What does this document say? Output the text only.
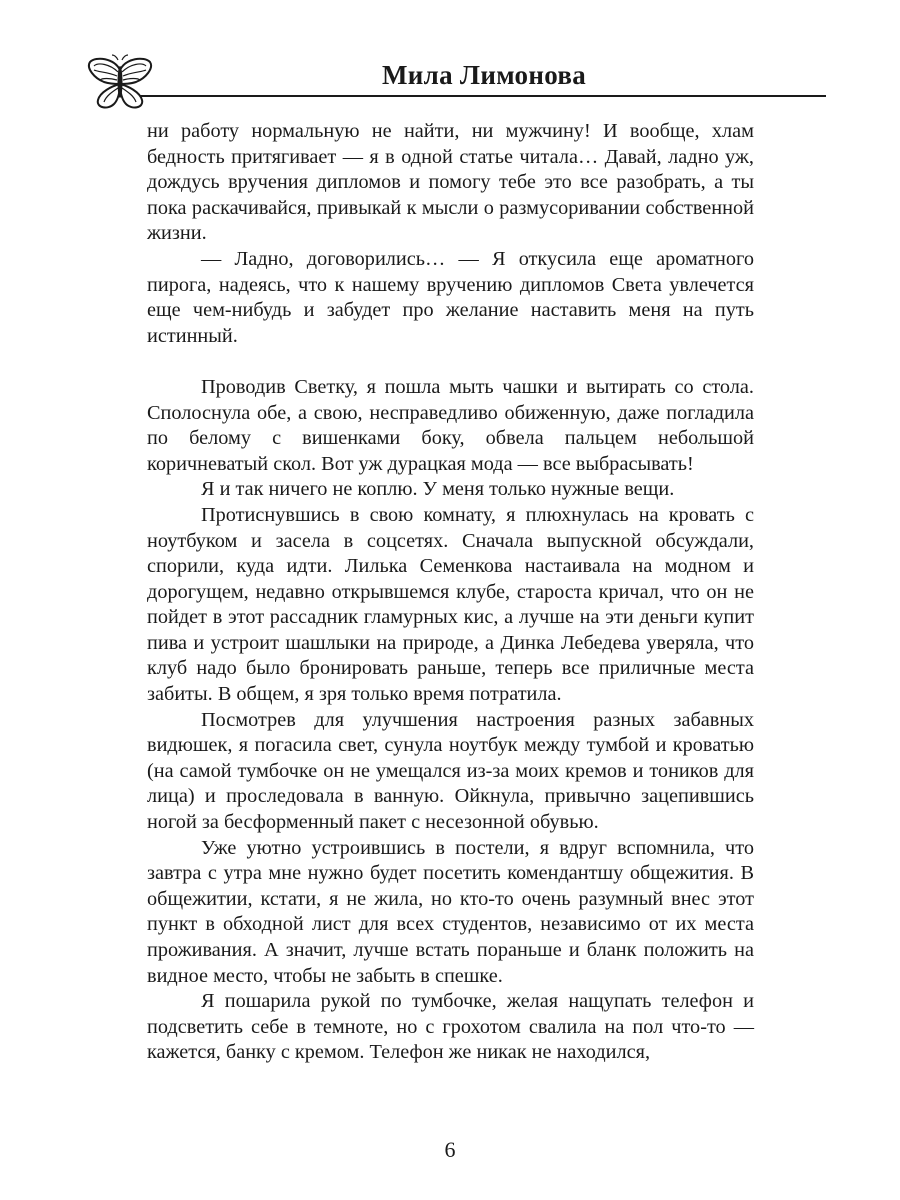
Мила Лимонова

ни работу нормальную не найти, ни мужчину! И вообще, хлам бедность притягивает — я в одной статье читала… Давай, ладно уж, дождусь вручения дипломов и помогу тебе это все разобрать, а ты пока раскачивайся, привыкай к мысли о размусоривании собственной жизни.

— Ладно, договорились… — Я откусила еще ароматного пирога, надеясь, что к нашему вручению дипломов Света увлечется еще чем-нибудь и забудет про желание наставить меня на путь истинный.

Проводив Светку, я пошла мыть чашки и вытирать со стола. Сполоснула обе, а свою, несправедливо обиженную, даже погладила по белому с вишенками боку, обвела пальцем небольшой коричневатый скол. Вот уж дурацкая мода — все выбрасывать!

Я и так ничего не коплю. У меня только нужные вещи.

Протиснувшись в свою комнату, я плюхнулась на кровать с ноутбуком и засела в соцсетях. Сначала выпускной обсуждали, спорили, куда идти. Лилька Семенкова настаивала на модном и дорогущем, недавно открывшемся клубе, староста кричал, что он не пойдет в этот рассадник гламурных кис, а лучше на эти деньги купит пива и устроит шашлыки на природе, а Динка Лебедева уверяла, что клуб надо было бронировать раньше, теперь все приличные места забиты. В общем, я зря только время потратила.

Посмотрев для улучшения настроения разных забавных видюшек, я погасила свет, сунула ноутбук между тумбой и кроватью (на самой тумбочке он не умещался из-за моих кремов и тоников для лица) и проследовала в ванную. Ойкнула, привычно зацепившись ногой за бесформенный пакет с несезонной обувью.

Уже уютно устроившись в постели, я вдруг вспомнила, что завтра с утра мне нужно будет посетить комендантшу общежития. В общежитии, кстати, я не жила, но кто-то очень разумный внес этот пункт в обходной лист для всех студентов, независимо от их места проживания. А значит, лучше встать пораньше и бланк положить на видное место, чтобы не забыть в спешке.

Я пошарила рукой по тумбочке, желая нащупать телефон и подсветить себе в темноте, но с грохотом свалила на пол что-то — кажется, банку с кремом. Телефон же никак не находился,

6
